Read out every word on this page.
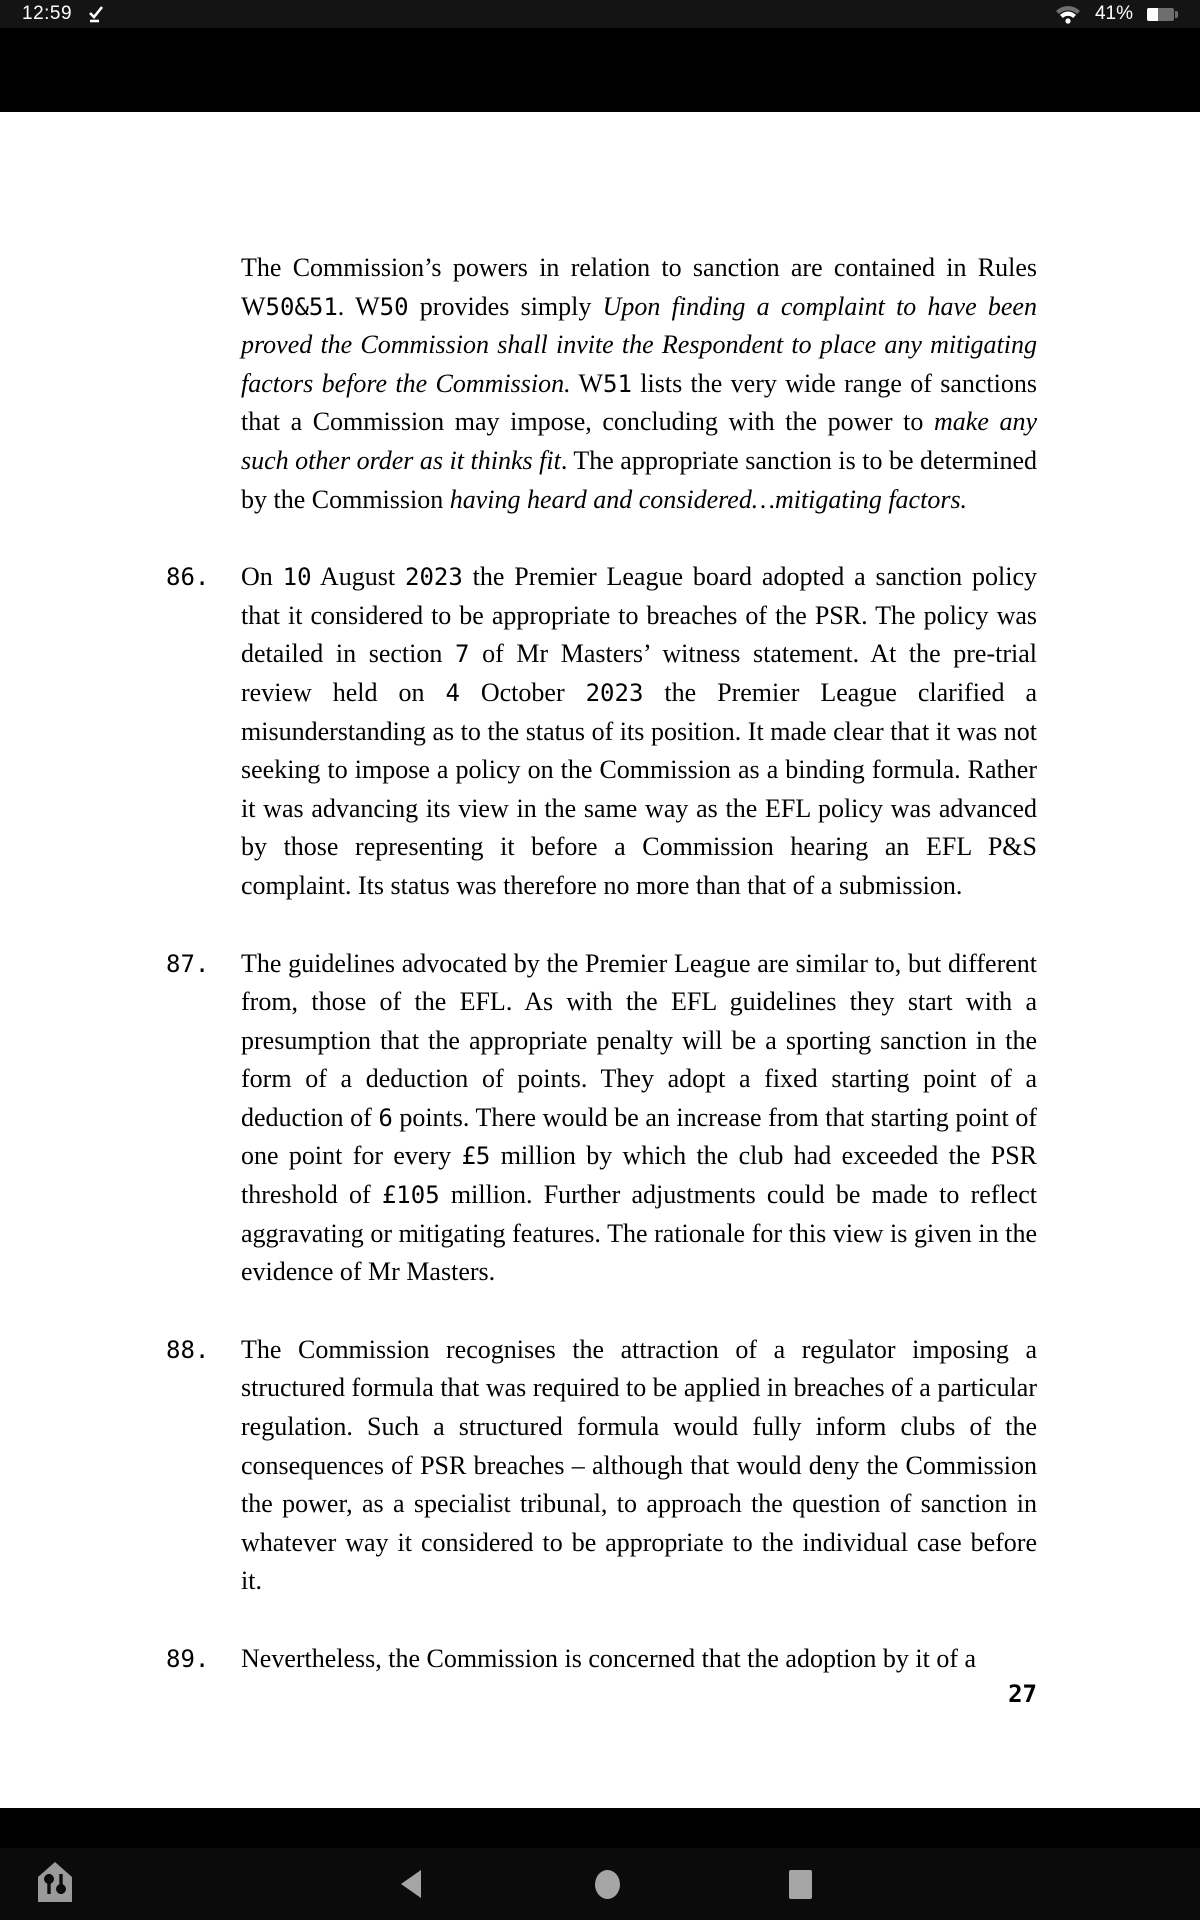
12:59	41%
The Commission’s powers in relation to sanction are contained in Rules W50&51. W50 provides simply Upon finding a complaint to have been proved the Commission shall invite the Respondent to place any mitigating factors before the Commission. W51 lists the very wide range of sanctions that a Commission may impose, concluding with the power to make any such other order as it thinks fit. The appropriate sanction is to be determined by the Commission having heard and considered…mitigating factors.
86.	On 10 August 2023 the Premier League board adopted a sanction policy that it considered to be appropriate to breaches of the PSR. The policy was detailed in section 7 of Mr Masters’ witness statement. At the pre-trial review held on 4 October 2023 the Premier League clarified a misunderstanding as to the status of its position. It made clear that it was not seeking to impose a policy on the Commission as a binding formula. Rather it was advancing its view in the same way as the EFL policy was advanced by those representing it before a Commission hearing an EFL P&S complaint. Its status was therefore no more than that of a submission.
87.	The guidelines advocated by the Premier League are similar to, but different from, those of the EFL. As with the EFL guidelines they start with a presumption that the appropriate penalty will be a sporting sanction in the form of a deduction of points. They adopt a fixed starting point of a deduction of 6 points. There would be an increase from that starting point of one point for every £5 million by which the club had exceeded the PSR threshold of £105 million. Further adjustments could be made to reflect aggravating or mitigating features. The rationale for this view is given in the evidence of Mr Masters.
88.	The Commission recognises the attraction of a regulator imposing a structured formula that was required to be applied in breaches of a particular regulation. Such a structured formula would fully inform clubs of the consequences of PSR breaches – although that would deny the Commission the power, as a specialist tribunal, to approach the question of sanction in whatever way it considered to be appropriate to the individual case before it.
89.	Nevertheless, the Commission is concerned that the adoption by it of a
27
